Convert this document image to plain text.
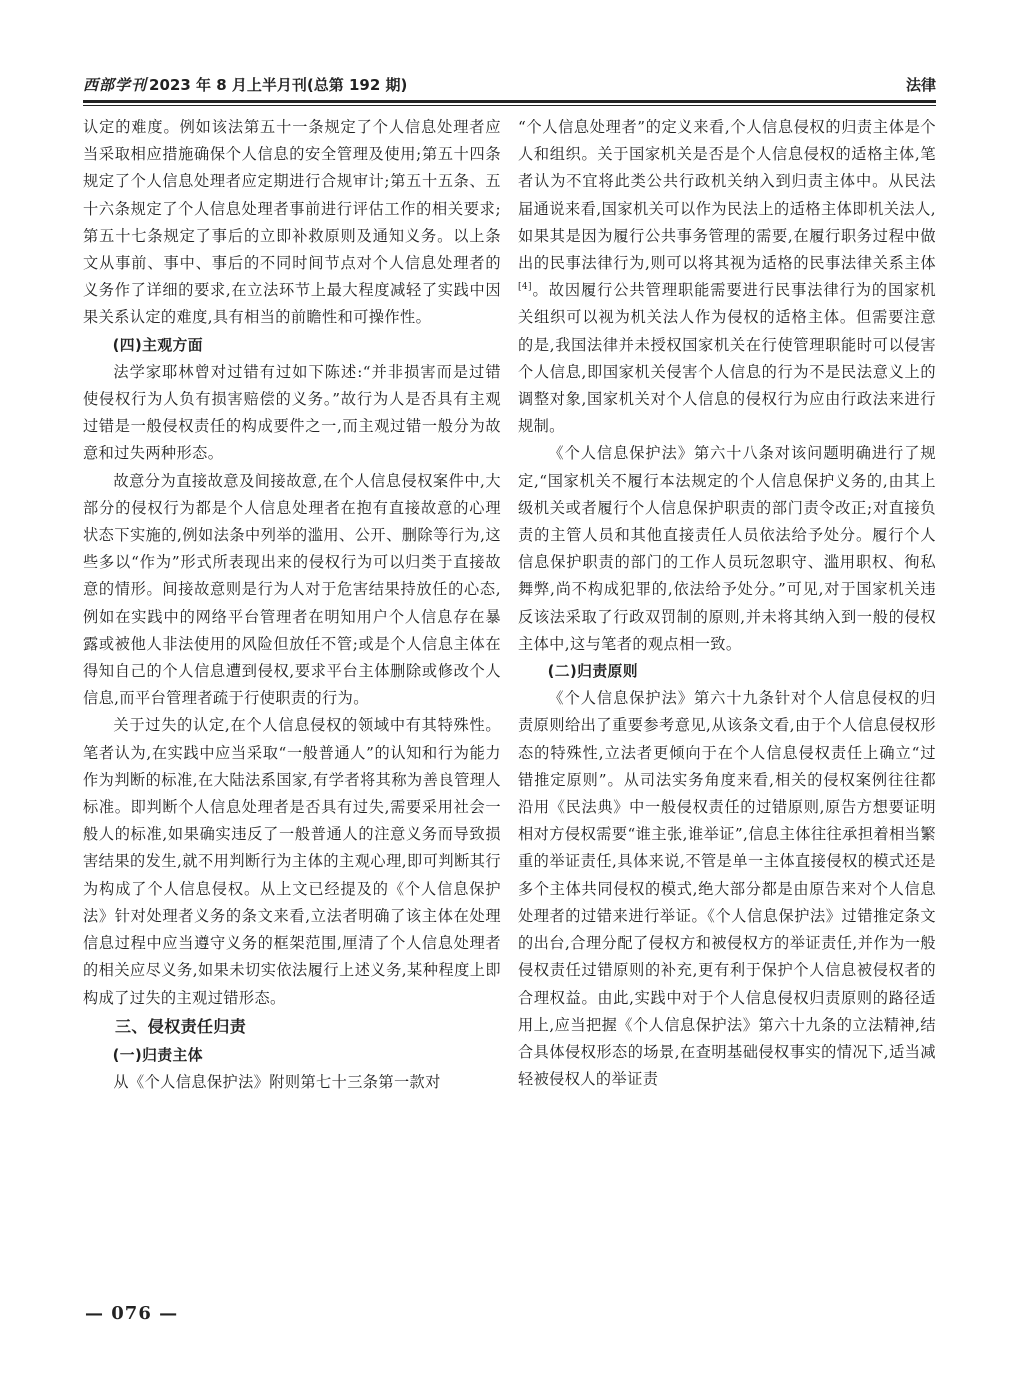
西部学刊 2023 年 8 月上半月刊(总第 192 期)	法律

认定的难度。例如该法第五十一条规定了个人信息处理者应当采取相应措施确保个人信息的安全管理及使用;第五十四条规定了个人信息处理者应定期进行合规审计;第五十五条、五十六条规定了个人信息处理者事前进行评估工作的相关要求;第五十七条规定了事后的立即补救原则及通知义务。以上条文从事前、事中、事后的不同时间节点对个人信息处理者的义务作了详细的要求,在立法环节上最大程度减轻了实践中因果关系认定的难度,具有相当的前瞻性和可操作性。

(四)主观方面

法学家耶林曾对过错有过如下陈述:“并非损害而是过错使侵权行为人负有损害赔偿的义务。”故行为人是否具有主观过错是一般侵权责任的构成要件之一,而主观过错一般分为故意和过失两种形态。

故意分为直接故意及间接故意,在个人信息侵权案件中,大部分的侵权行为都是个人信息处理者在抱有直接故意的心理状态下实施的,例如法条中列举的滥用、公开、删除等行为,这些多以“作为”形式所表现出来的侵权行为可以归类于直接故意的情形。间接故意则是行为人对于危害结果持放任的心态,例如在实践中的网络平台管理者在明知用户个人信息存在暴露或被他人非法使用的风险但放任不管;或是个人信息主体在得知自己的个人信息遭到侵权,要求平台主体删除或修改个人信息,而平台管理者疏于行使职责的行为。

关于过失的认定,在个人信息侵权的领域中有其特殊性。笔者认为,在实践中应当采取“一般普通人”的认知和行为能力作为判断的标准,在大陆法系国家,有学者将其称为善良管理人标准。即判断个人信息处理者是否具有过失,需要采用社会一般人的标准,如果确实违反了一般普通人的注意义务而导致损害结果的发生,就不用判断行为主体的主观心理,即可判断其行为构成了个人信息侵权。从上文已经提及的《个人信息保护法》针对处理者义务的条文来看,立法者明确了该主体在处理信息过程中应当遵守义务的框架范围,厘清了个人信息处理者的相关应尽义务,如果未切实依法履行上述义务,某种程度上即构成了过失的主观过错形态。

三、侵权责任归责

(一)归责主体

从《个人信息保护法》附则第七十三条第一款对

“个人信息处理者”的定义来看,个人信息侵权的归责主体是个人和组织。关于国家机关是否是个人信息侵权的适格主体,笔者认为不宜将此类公共行政机关纳入到归责主体中。从民法届通说来看,国家机关可以作为民法上的适格主体即机关法人,如果其是因为履行公共事务管理的需要,在履行职务过程中做出的民事法律行为,则可以将其视为适格的民事法律关系主体[4]。故因履行公共管理职能需要进行民事法律行为的国家机关组织可以视为机关法人作为侵权的适格主体。但需要注意的是,我国法律并未授权国家机关在行使管理职能时可以侵害个人信息,即国家机关侵害个人信息的行为不是民法意义上的调整对象,国家机关对个人信息的侵权行为应由行政法来进行规制。

《个人信息保护法》第六十八条对该问题明确进行了规定,“国家机关不履行本法规定的个人信息保护义务的,由其上级机关或者履行个人信息保护职责的部门责令改正;对直接负责的主管人员和其他直接责任人员依法给予处分。履行个人信息保护职责的部门的工作人员玩忽职守、滥用职权、徇私舞弊,尚不构成犯罪的,依法给予处分。”可见,对于国家机关违反该法采取了行政双罚制的原则,并未将其纳入到一般的侵权主体中,这与笔者的观点相一致。

(二)归责原则

《个人信息保护法》第六十九条针对个人信息侵权的归责原则给出了重要参考意见,从该条文看,由于个人信息侵权形态的特殊性,立法者更倾向于在个人信息侵权责任上确立“过错推定原则”。从司法实务角度来看,相关的侵权案例往往都沿用《民法典》中一般侵权责任的过错原则,原告方想要证明相对方侵权需要“谁主张,谁举证”,信息主体往往承担着相当繁重的举证责任,具体来说,不管是单一主体直接侵权的模式还是多个主体共同侵权的模式,绝大部分都是由原告来对个人信息处理者的过错来进行举证。《个人信息保护法》过错推定条文的出台,合理分配了侵权方和被侵权方的举证责任,并作为一般侵权责任过错原则的补充,更有利于保护个人信息被侵权者的合理权益。由此,实践中对于个人信息侵权归责原则的路径适用上,应当把握《个人信息保护法》第六十九条的立法精神,结合具体侵权形态的场景,在查明基础侵权事实的情况下,适当减轻被侵权人的举证责

— 076 —
